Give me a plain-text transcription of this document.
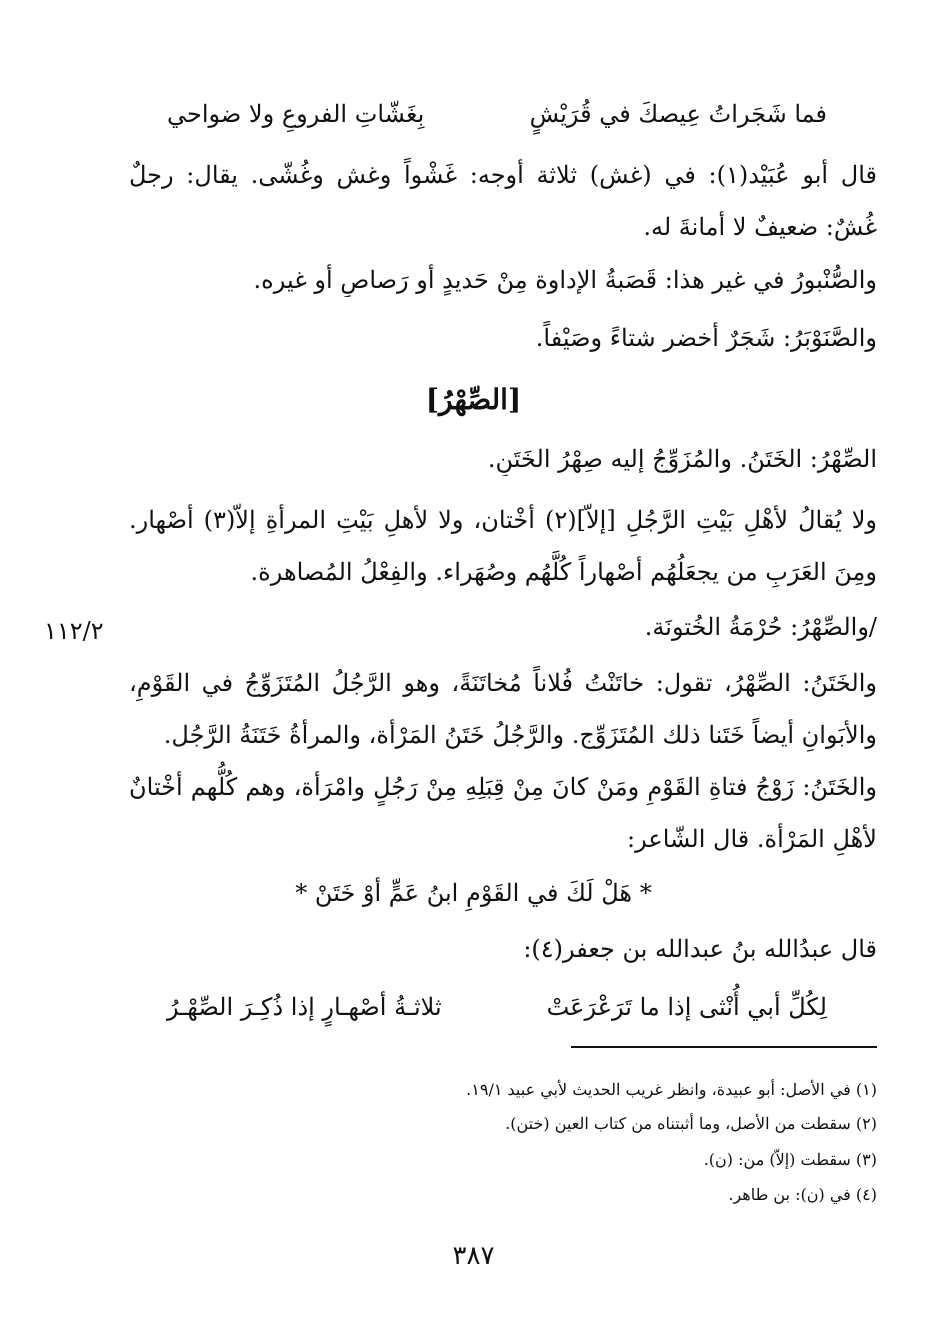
فما شَجَراتُ عِيصكَ في قُرَيْشٍ
بِغَشّاتِ الفروعِ ولا ضواحي
قال أبو عُبَيْد(١): في (غش) ثلاثة أوجه: غَشْواً وغش وغُشّى. يقال: رجلٌ غُشٌ: ضعيفٌ لا أمانةَ له.
والصُّنْبورُ في غير هذا: قَصَبةُ الإداوة مِنْ حَديدٍ أو رَصاصٍ أو غيره.
والصَّنَوْبَرُ: شَجَرٌ أخضر شتاءً وصَيْفاً.
[الصِّهْرُ]
الصِّهْرُ: الخَتَنُ. والمُزَوِّجُ إليه صِهْرُ الخَتَنِ.
ولا يُقالُ لأهْلِ بَيْتِ الرَّجُلِ [إلاّ](٢) أخْتان، ولا لأهلِ بَيْتِ المرأةِ إلاّ(٣) أصْهار. ومِنَ العَرَبِ من يجعَلُهُم أصْهاراً كُلَّهُم وصُهَراء. والفِعْلُ المُصاهرة.
/والصِّهْرُ: حُرْمَةُ الخُتونَة.
١١٢/٢
والخَتَنُ: الصِّهْرُ، تقول: خاتَنْتُ فُلاناً مُخاتَنَةً، وهو الرَّجُلُ المُتَزَوِّجُ في القَوْمِ، والأبَوانِ أيضاً خَتَنا ذلك المُتَزَوِّج. والرَّجُلُ خَتَنُ المَرْأة، والمرأةُ خَتَنَةُ الرَّجُل.
والخَتَنُ: زَوْجُ فتاةِ القَوْمِ ومَنْ كانَ مِنْ قِبَلِهِ مِنْ رَجُلٍ وامْرَأة، وهم كُلُّهم أخْتانٌ لأهْلِ المَرْأة. قال الشّاعر:
* هَلْ لَكَ في القَوْمِ ابنُ عَمٍّ أوْ خَتَنْ *
قال عبدُالله بنُ عبدالله بن جعفر(٤):
لِكُلِّ أبي أُنْثى إذا ما تَرَعْرَعَتْ
ثلاثـةُ أصْهـارٍ إذا ذُكِـرَ الصِّهْـرُ
(١) في الأصل: أبو عبيدة، وانظر غريب الحديث لأبي عبيد ١٩/١.
(٢) سقطت من الأصل، وما أثبتناه من كتاب العين (ختن).
(٣) سقطت (إلاّ) من: (ن).
(٤) في (ن): بن طاهر.
٣٨٧
